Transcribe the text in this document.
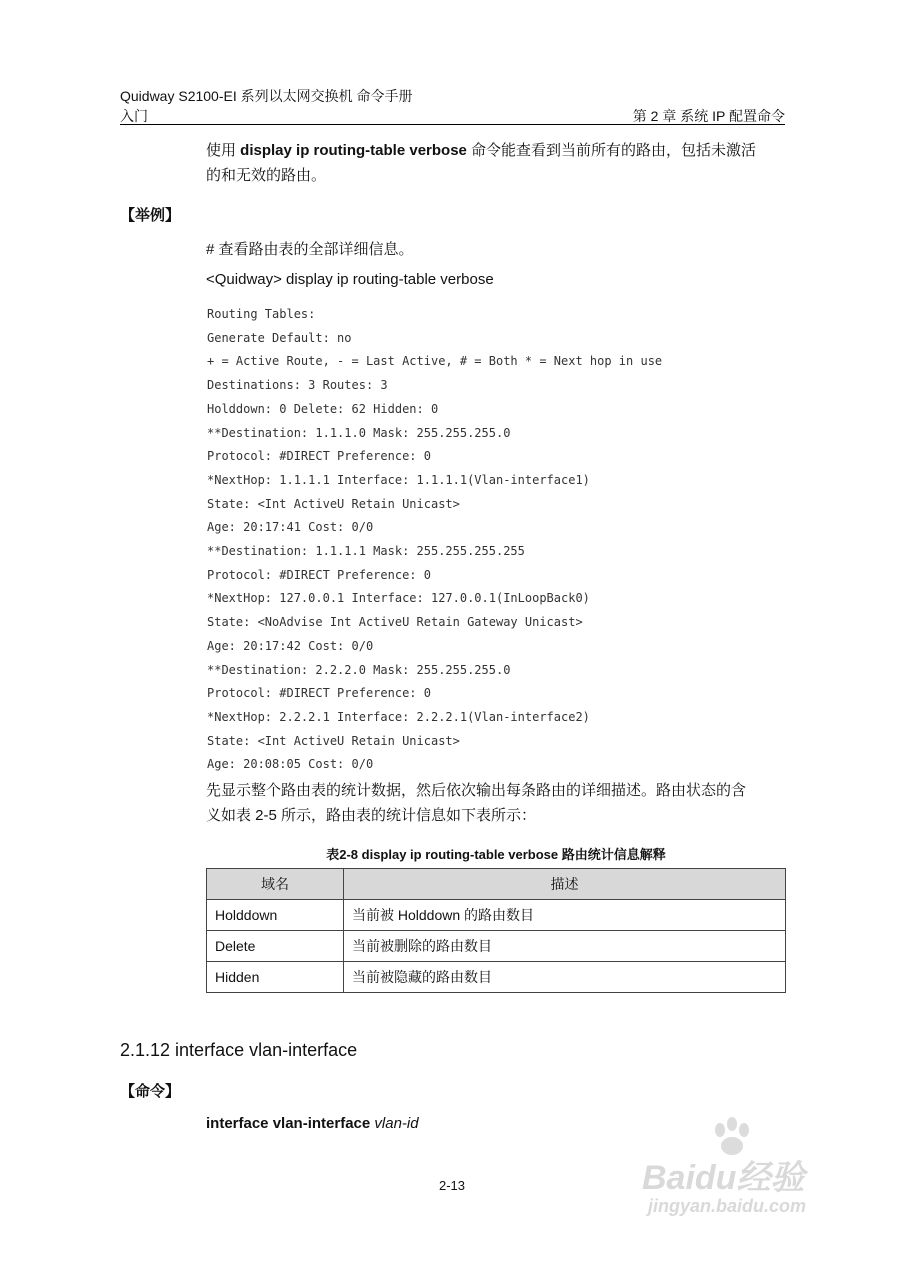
Quidway S2100-EI 系列以太网交换机 命令手册
入门	第 2 章 系统 IP 配置命令
使用 display ip routing-table verbose 命令能查看到当前所有的路由，包括未激活
的和无效的路由。
【举例】
# 查看路由表的全部详细信息。
<Quidway> display ip routing-table verbose
Routing Tables:
Generate Default: no
+ = Active Route, - = Last Active, # = Both * = Next hop in use
Destinations: 3 Routes: 3
Holddown: 0 Delete: 62 Hidden: 0
**Destination: 1.1.1.0 Mask: 255.255.255.0
Protocol: #DIRECT Preference: 0
*NextHop: 1.1.1.1 Interface: 1.1.1.1(Vlan-interface1)
State: <Int ActiveU Retain Unicast>
Age: 20:17:41 Cost: 0/0
**Destination: 1.1.1.1 Mask: 255.255.255.255
Protocol: #DIRECT Preference: 0
*NextHop: 127.0.0.1 Interface: 127.0.0.1(InLoopBack0)
State: <NoAdvise Int ActiveU Retain Gateway Unicast>
Age: 20:17:42 Cost: 0/0
**Destination: 2.2.2.0 Mask: 255.255.255.0
Protocol: #DIRECT Preference: 0
*NextHop: 2.2.2.1 Interface: 2.2.2.1(Vlan-interface2)
State: <Int ActiveU Retain Unicast>
Age: 20:08:05 Cost: 0/0
先显示整个路由表的统计数据，然后依次输出每条路由的详细描述。路由状态的含
义如表 2-5 所示，路由表的统计信息如下表所示：
表2-8 display ip routing-table verbose 路由统计信息解释
域名	描述
Holddown	当前被 Holddown 的路由数目
Delete	当前被删除的路由数目
Hidden	当前被隐藏的路由数目
2.1.12 interface vlan-interface
【命令】
interface vlan-interface vlan-id
2-13	Baidu经验
jingyan.baidu.com
